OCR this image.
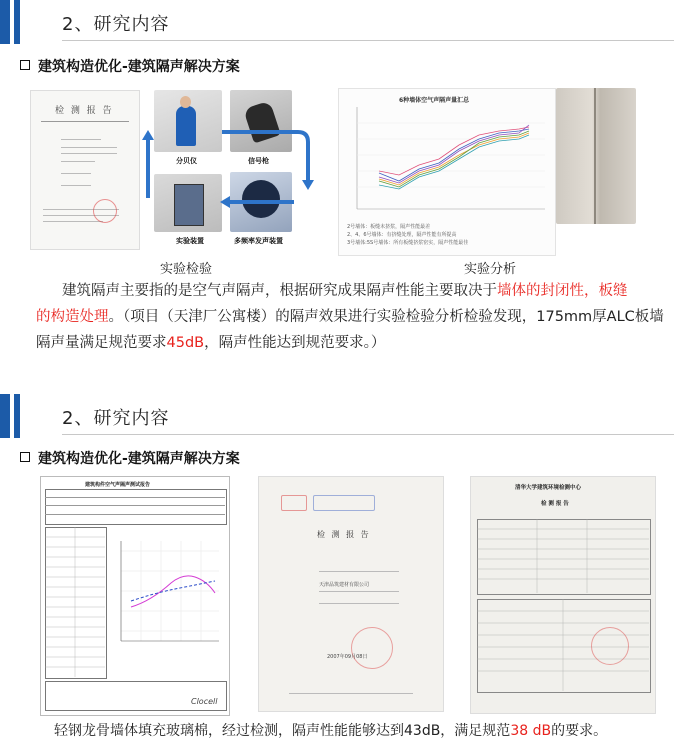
2、研究内容
建筑构造优化-建筑隔声解决方案
检 测 报 告
分贝仪	信号枪
实验装置	多频率发声装置
6种墙体空气声隔声量汇总
2号墙体：板缝未挤浆，隔声性能最差
2、4、6号墙体：有挤缝处理，隔声性能有所提高
3号墙体:5S号墙体：所有板缝挤浆密实，隔声性能最佳
实验检验	实验分析
建筑隔声主要指的是空气声隔声，根据研究成果隔声性能主要取决于墙体的封闭性，板缝
的构造处理。（项目（天津厂公寓楼）的隔声效果进行实验检验分析检验发现，175mm厚ALC板墙
隔声量满足规范要求45dB，隔声性能达到规范要求。）
2、研究内容
建筑构造优化-建筑隔声解决方案
建筑构件空气声隔声测试报告
Clocell
检 测 报 告
天津品筑建材有限公司
2007年09月08日
清华大学建筑环境检测中心
检 测 报 告
轻钢龙骨墙体填充玻璃棉，经过检测，隔声性能能够达到43dB，满足规范38 dB的要求。
